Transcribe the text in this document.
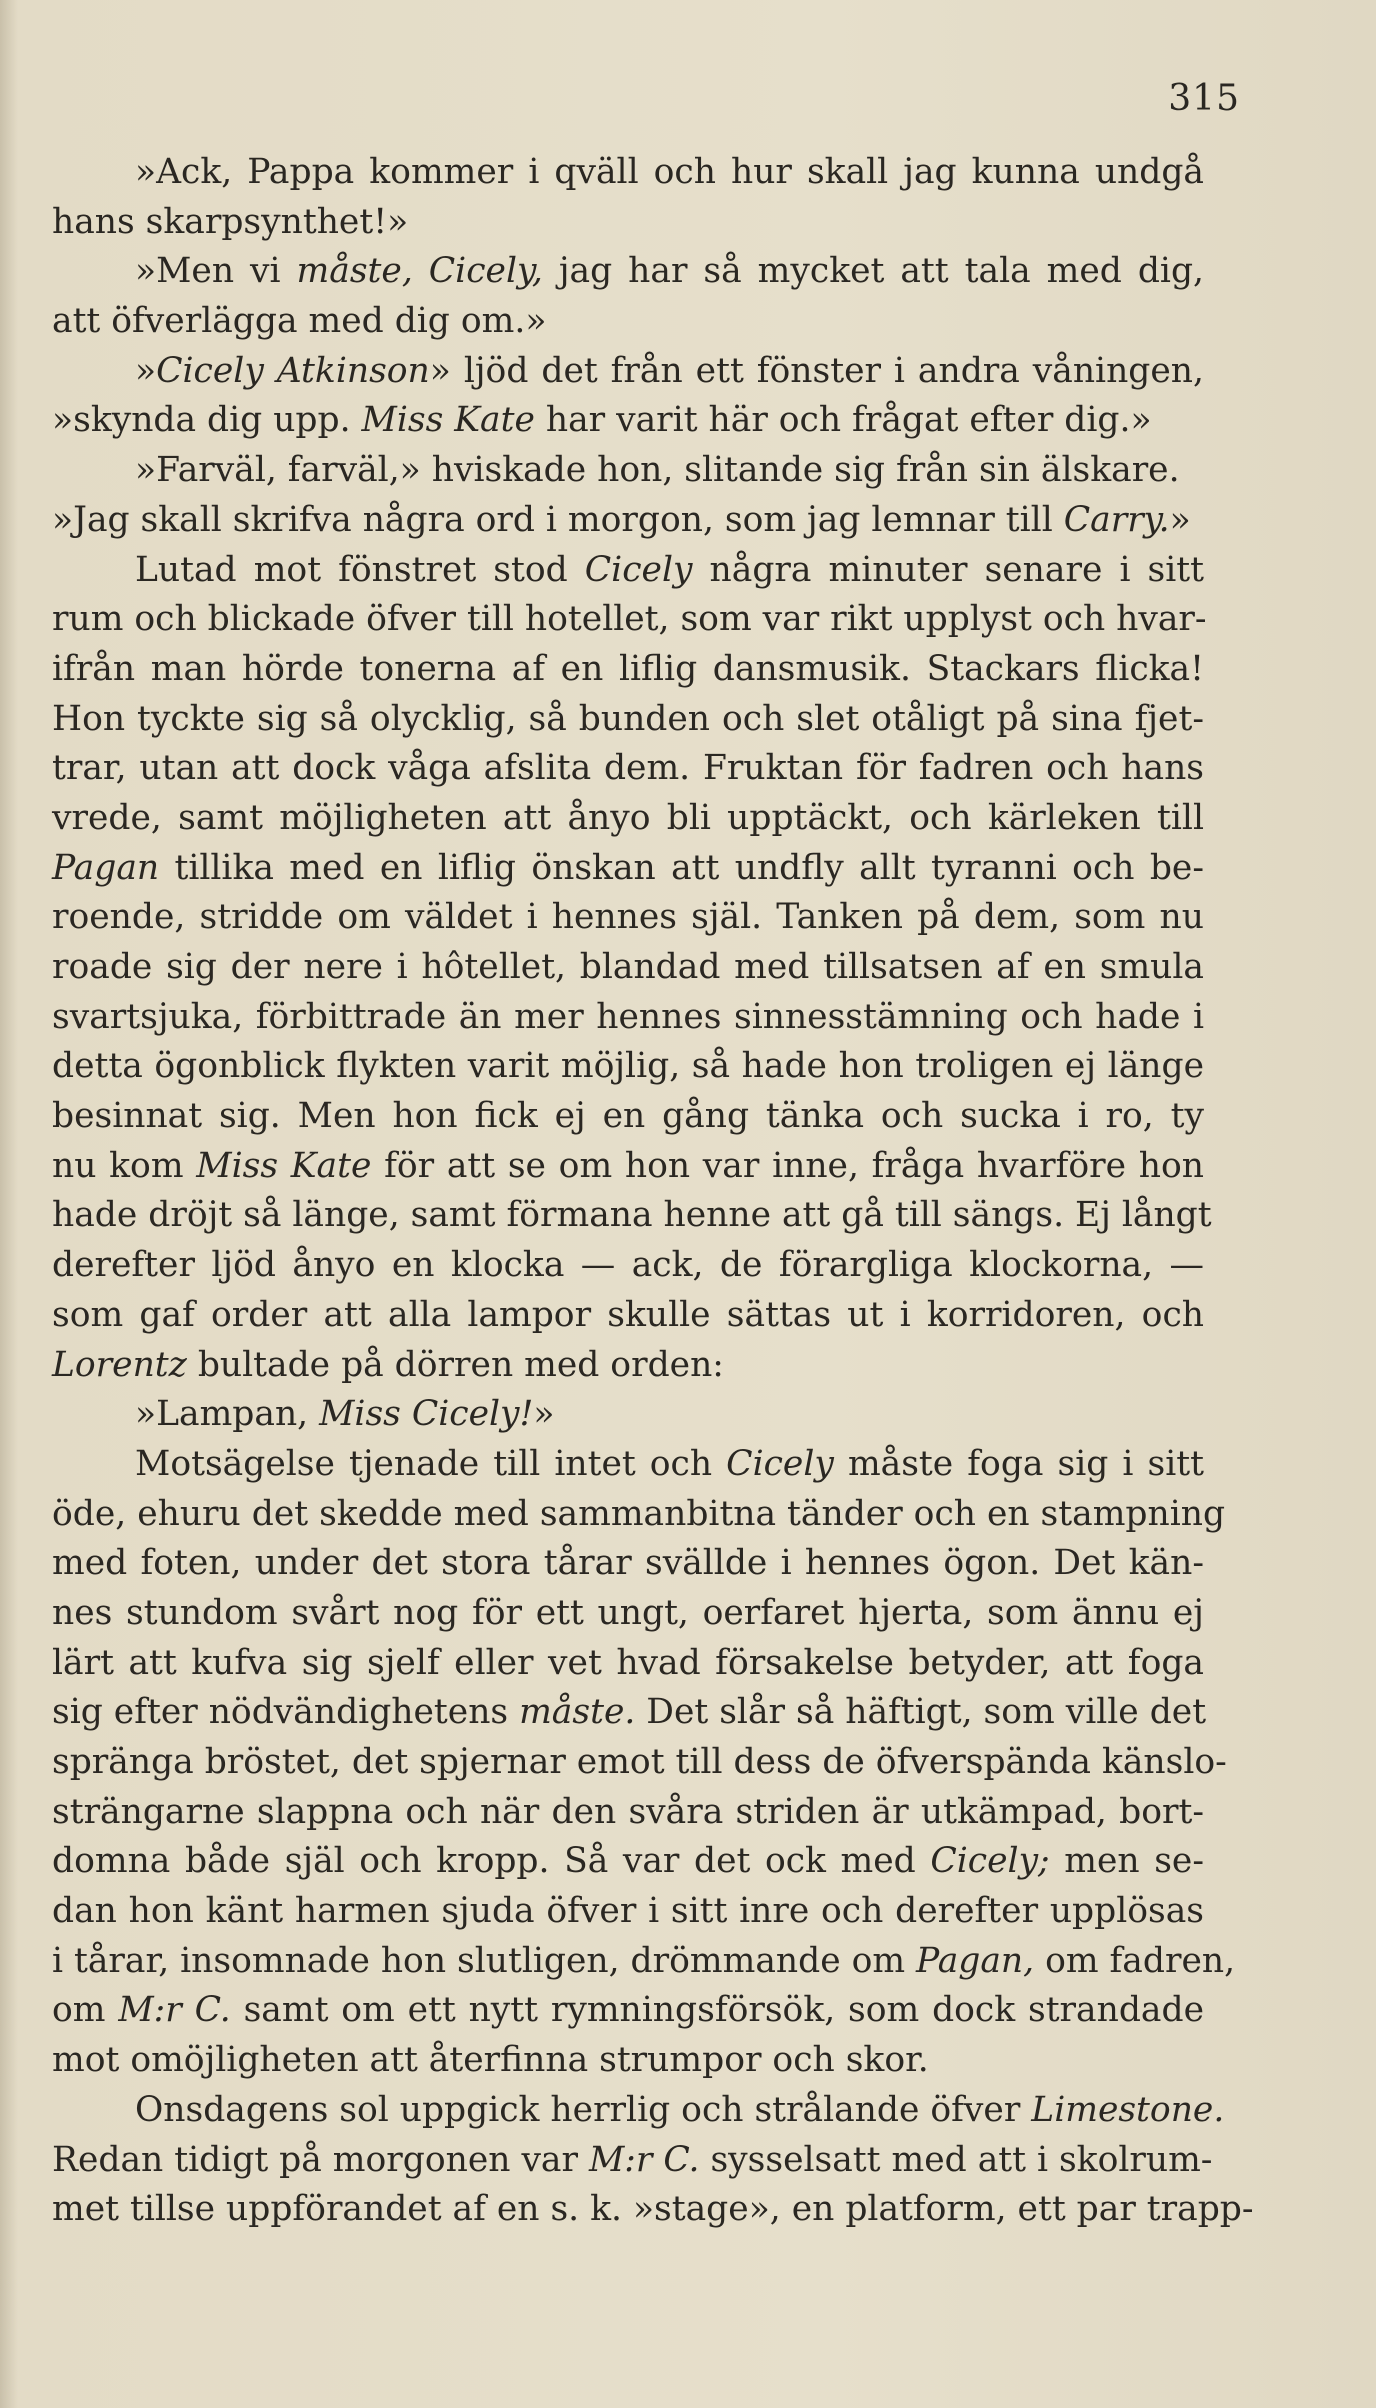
315
»Ack, Pappa kommer i qväll och hur skall jag kunna undgå
hans skarpsynthet!»
»Men vi måste, Cicely, jag har så mycket att tala med dig,
att öfverlägga med dig om.»
»Cicely Atkinson» ljöd det från ett fönster i andra våningen,
»skynda dig upp. Miss Kate har varit här och frågat efter dig.»
»Farväl, farväl,» hviskade hon, slitande sig från sin älskare.
»Jag skall skrifva några ord i morgon, som jag lemnar till Carry.»
Lutad mot fönstret stod Cicely några minuter senare i sitt
rum och blickade öfver till hotellet, som var rikt upplyst och hvar-
ifrån man hörde tonerna af en liflig dansmusik. Stackars flicka!
Hon tyckte sig så olycklig, så bunden och slet otåligt på sina fjet-
trar, utan att dock våga afslita dem. Fruktan för fadren och hans
vrede, samt möjligheten att ånyo bli upptäckt, och kärleken till
Pagan tillika med en liflig önskan att undfly allt tyranni och be-
roende, stridde om väldet i hennes själ. Tanken på dem, som nu
roade sig der nere i hôtellet, blandad med tillsatsen af en smula
svartsjuka, förbittrade än mer hennes sinnesstämning och hade i
detta ögonblick flykten varit möjlig, så hade hon troligen ej länge
besinnat sig. Men hon fick ej en gång tänka och sucka i ro, ty
nu kom Miss Kate för att se om hon var inne, fråga hvarföre hon
hade dröjt så länge, samt förmana henne att gå till sängs. Ej långt
derefter ljöd ånyo en klocka — ack, de förargliga klockorna, —
som gaf order att alla lampor skulle sättas ut i korridoren, och
Lorentz bultade på dörren med orden:
»Lampan, Miss Cicely!»
Motsägelse tjenade till intet och Cicely måste foga sig i sitt
öde, ehuru det skedde med sammanbitna tänder och en stampning
med foten, under det stora tårar svällde i hennes ögon. Det kän-
nes stundom svårt nog för ett ungt, oerfaret hjerta, som ännu ej
lärt att kufva sig sjelf eller vet hvad försakelse betyder, att foga
sig efter nödvändighetens måste. Det slår så häftigt, som ville det
spränga bröstet, det spjernar emot till dess de öfverspända känslo-
strängarne slappna och när den svåra striden är utkämpad, bort-
domna både själ och kropp. Så var det ock med Cicely; men se-
dan hon känt harmen sjuda öfver i sitt inre och derefter upplösas
i tårar, insomnade hon slutligen, drömmande om Pagan, om fadren,
om M:r C. samt om ett nytt rymningsförsök, som dock strandade
mot omöjligheten att återfinna strumpor och skor.
Onsdagens sol uppgick herrlig och strålande öfver Limestone.
Redan tidigt på morgonen var M:r C. sysselsatt med att i skolrum-
met tillse uppförandet af en s. k. »stage», en platform, ett par trapp-
